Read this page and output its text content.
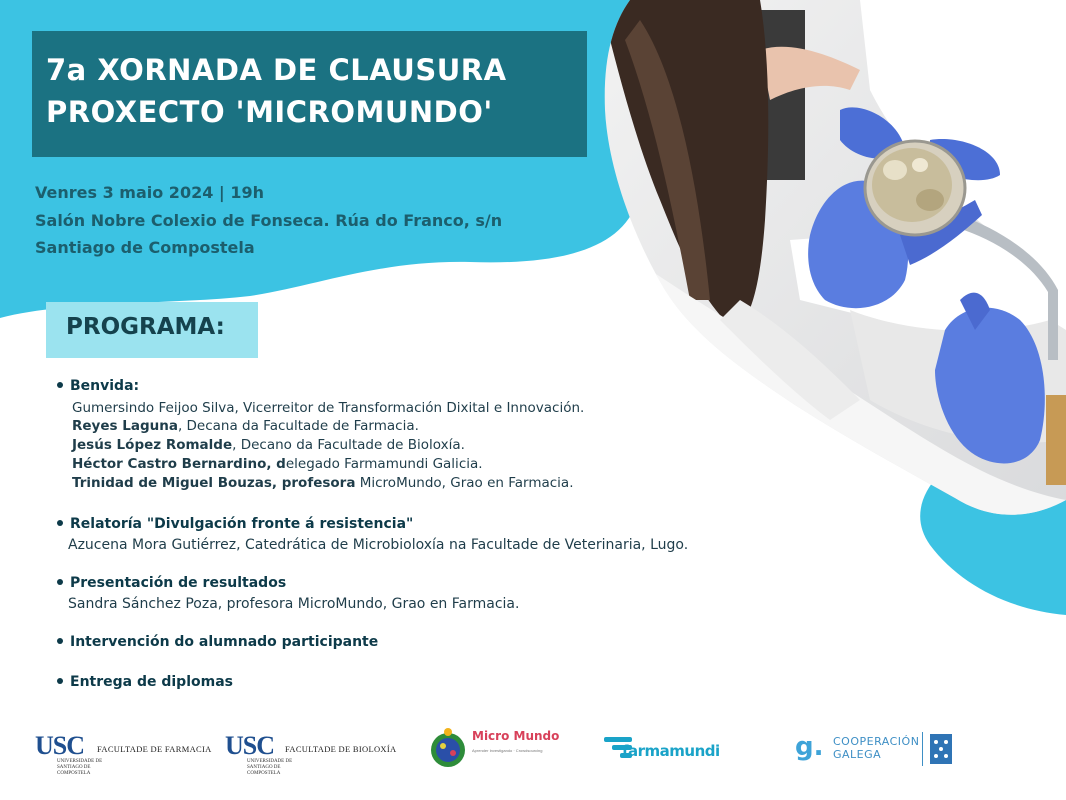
7a XORNADA DE CLAUSURA
PROXECTO 'MICROMUNDO'
Venres 3 maio 2024 | 19h
Salón Nobre Colexio de Fonseca. Rúa do Franco, s/n
Santiago de Compostela
PROGRAMA:
Benvida:
Gumersindo Feijoo Silva, Vicerreitor de Transformación Dixital e Innovación.
Reyes Laguna, Decana da Facultade de Farmacia.
Jesús López Romalde, Decano da Facultade de Bioloxía.
Héctor Castro Bernardino, delegado Farmamundi Galicia.
Trinidad de Miguel Bouzas, profesora MicroMundo, Grao en Farmacia.
Relatoría "Divulgación fronte á resistencia"
Azucena Mora Gutiérrez, Catedrática de Microbioloxía na Facultade de Veterinaria, Lugo.
Presentación de resultados
Sandra Sánchez Poza, profesora MicroMundo, Grao en Farmacia.
Intervención do alumnado participante
Entrega de diplomas
USC
UNIVERSIDADE DE SANTIAGO DE COMPOSTELA
FACULTADE DE FARMACIA USC
UNIVERSIDADE DE SANTIAGO DE COMPOSTELA
FACULTADE DE BIOLOXÍA
Micro Mundo
Aprender Investigando · Crowdsourcing	farmamundi	g. COOPERACIÓN
GALEGA
